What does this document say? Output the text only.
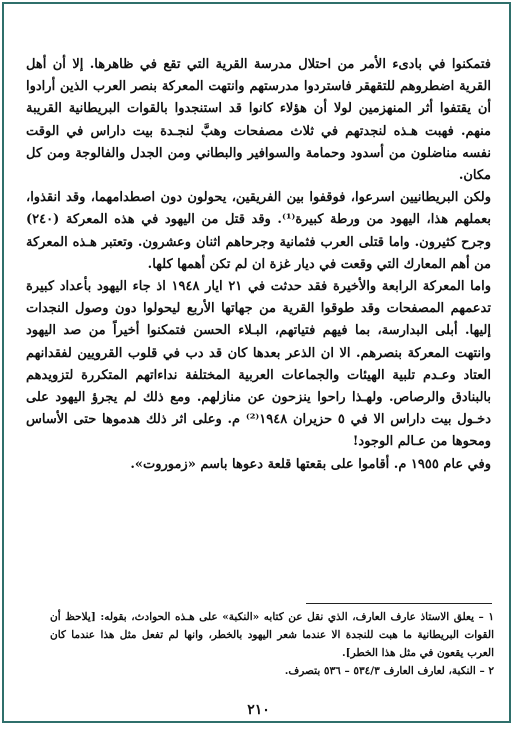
فتمكنوا في بادىء الأمر من احتلال مدرسة القرية التي تقع في ظاهرها. إلا أن أهل القرية اضطروهم للتقهقر فاستردوا مدرستهم وانتهت المعركة بنصر العرب الذين أرادوا أن يقتفوا أثر المنهزمين لولا أن هؤلاء كانوا قد استنجدوا بالقوات البريطانية القريبة منهم. فهبت هـذه لنجدتهم في ثلاث مصفحات وهبَّ لنجـدة بيت داراس في الوقت نفسه مناضلون من أسدود وحمامة والسوافير والبطاني ومن الجدل والفالوجة ومن كل مكان.

ولكن البريطانيين اسرعوا، فوقفوا بين الفريقين، يحولون دون اصطدامهما، وقد انقذوا، بعملهم هذا، اليهود من ورطة كبيرة⁽¹⁾. وقد قتل من اليهود في هذه المعركة (٢٤٠) وجرح كثيرون. واما قتلى العرب فثمانية وجرحاهم اثنان وعشرون. وتعتبر هـذه المعركة من أهم المعارك التي وقعت في ديار غزة ان لم تكن أهمها كلها.

واما المعركة الرابعة والأخيرة فقد حدثت في ٢١ ايار ١٩٤٨ اذ جاء اليهود بأعداد كبيرة تدعمهم المصفحات وقد طوقوا القرية من جهاتها الأربع ليحولوا دون وصول النجدات إليها. أبلى البدارسة، بما فيهم فتياتهم، البـلاء الحسن فتمكنوا أخيراً من صد اليهود وانتهت المعركة بنصرهم. الا ان الذعر بعدها كان قد دب في قلوب القرويين لفقدانهم العتاد وعـدم تلبية الهيئات والجماعات العربية المختلفة نداءاتهم المتكررة لتزويدهم بالبنادق والرصاص. ولهـذا راحوا ينزحون عن منازلهم. ومع ذلك لم يجرؤ اليهود على دخـول بيت داراس الا في ٥ حزيران ١٩٤٨⁽²⁾ م. وعلى اثر ذلك هدموها حتى الأساس ومحوها من عـالم الوجود!

وفي عام ١٩٥٥ م. أقاموا على بقعتها قلعة دعوها باسم «زموروت».

١ – يعلق الاستاذ عارف العارف، الذي نقل عن كتابه «النكبة» على هـذه الحوادث، بقوله: [يلاحظ أن القوات البريطانية ما هبت للنجدة الا عندما شعر اليهود بالخطر، وانها لم تفعل مثل هذا عندما كان العرب يقعون في مثل هذا الخطر].

٢ – النكبة، لعارف العارف ٥٣٤/٣ – ٥٣٦ بتصرف.

٢١٠
